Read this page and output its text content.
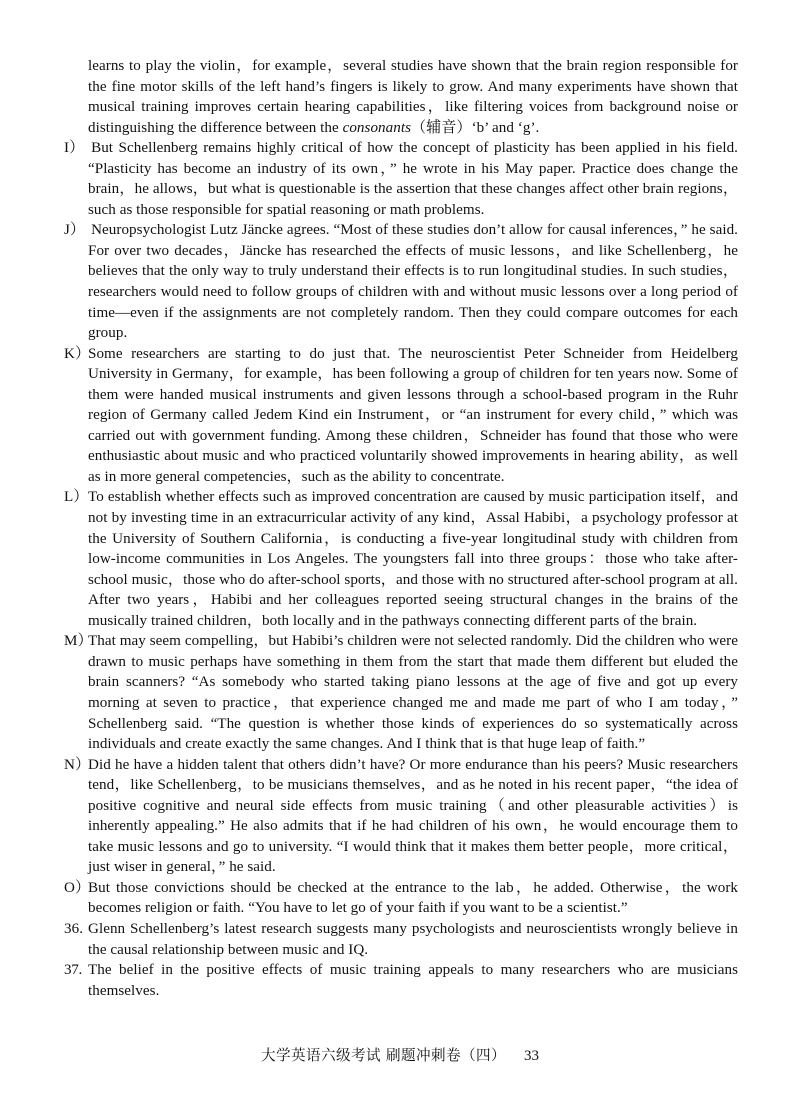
learns to play the violin，for example，several studies have shown that the brain region responsible for the fine motor skills of the left hand’s fingers is likely to grow. And many experiments have shown that musical training improves certain hearing capabilities，like filtering voices from background noise or distinguishing the difference between the consonants（辅音）‘b’ and ‘g’.
I） But Schellenberg remains highly critical of how the concept of plasticity has been applied in his field. “Plasticity has become an industry of its own，” he wrote in his May paper. Practice does change the brain，he allows，but what is questionable is the assertion that these changes affect other brain regions，such as those responsible for spatial reasoning or math problems.
J） Neuropsychologist Lutz Jäncke agrees. “Most of these studies don’t allow for causal inferences，” he said. For over two decades，Jäncke has researched the effects of music lessons，and like Schellenberg，he believes that the only way to truly understand their effects is to run longitudinal studies. In such studies，researchers would need to follow groups of children with and without music lessons over a long period of time—even if the assignments are not completely random. Then they could compare outcomes for each group.
K）
Some researchers are starting to do just that. The neuroscientist Peter Schneider from Heidelberg University in Germany，for example，has been following a group of children for ten years now. Some of them were handed musical instruments and given lessons through a school-based program in the Ruhr region of Germany called Jedem Kind ein Instrument，or “an instrument for every child，” which was carried out with government funding. Among these children，Schneider has found that those who were enthusiastic about music and who practiced voluntarily showed improvements in hearing ability，as well as in more general competencies，such as the ability to concentrate.
L） To establish whether effects such as improved concentration are caused by music participation itself，and not by investing time in an extracurricular activity of any kind，Assal Habibi，a psychology professor at the University of Southern California，is conducting a five-year longitudinal study with children from low-income communities in Los Angeles. The youngsters fall into three groups：those who take after-school music，those who do after-school sports，and those with no structured after-school program at all. After two years，Habibi and her colleagues reported seeing structural changes in the brains of the musically trained children，both locally and in the pathways connecting different parts of the brain.
M）
That may seem compelling，but Habibi’s children were not selected randomly. Did the children who were drawn to music perhaps have something in them from the start that made them different but eluded the brain scanners? “As somebody who started taking piano lessons at the age of five and got up every morning at seven to practice，that experience changed me and made me part of who I am today，” Schellenberg said. “The question is whether those kinds of experiences do so systematically across individuals and create exactly the same changes. And I think that is that huge leap of faith.”
N）
Did he have a hidden talent that others didn’t have? Or more endurance than his peers? Music researchers tend，like Schellenberg，to be musicians themselves，and as he noted in his recent paper，“the idea of positive cognitive and neural side effects from music training（and other pleasurable activities）is inherently appealing.” He also admits that if he had children of his own，he would encourage them to take music lessons and go to university. “I would think that it makes them better people，more critical，just wiser in general，” he said.
O）
But those convictions should be checked at the entrance to the lab，he added. Otherwise，the work becomes religion or faith. “You have to let go of your faith if you want to be a scientist.”
36. Glenn Schellenberg’s latest research suggests many psychologists and neuroscientists wrongly believe in the causal relationship between music and IQ.
37. The belief in the positive effects of music training appeals to many researchers who are musicians themselves.
大学英语六级考试 刷题冲刺卷（四） 33
